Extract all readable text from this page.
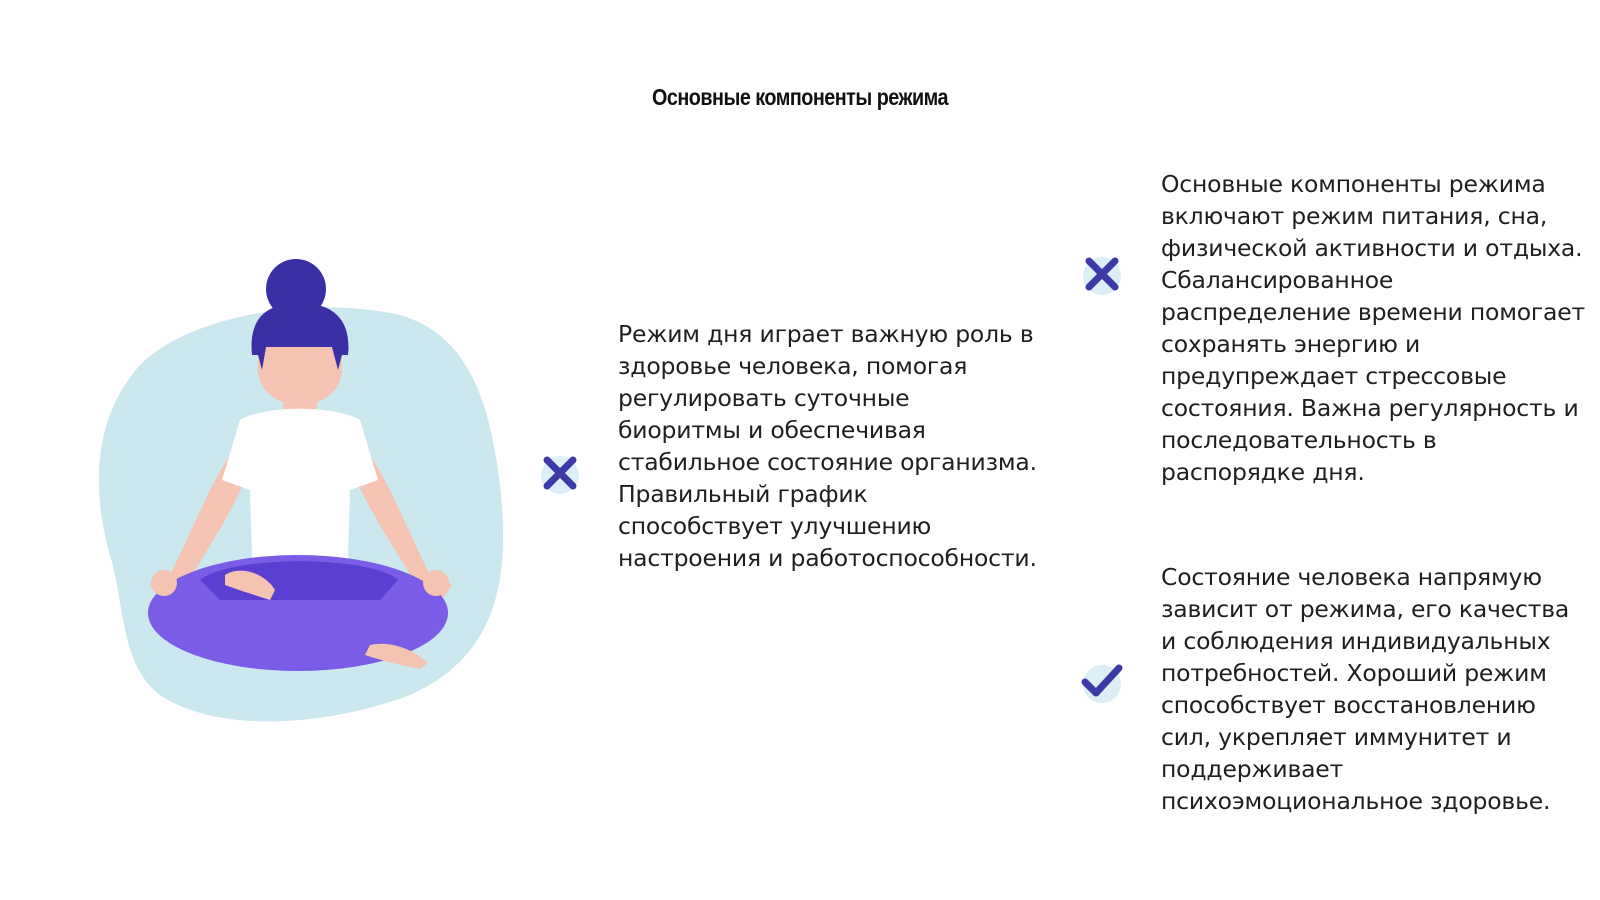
Основные компоненты режима
Режим дня играет важную роль в здоровье человека, помогая регулировать суточные биоритмы и обеспечивая стабильное состояние организма. Правильный график способствует улучшению настроения и работоспособности.
Основные компоненты режима включают режим питания, сна, физической активности и отдыха. Сбалансированное распределение времени помогает сохранять энергию и предупреждает стрессовые состояния. Важна регулярность и последовательность в распорядке дня.
Состояние человека напрямую зависит от режима, его качества и соблюдения индивидуальных потребностей. Хороший режим способствует восстановлению сил, укрепляет иммунитет и поддерживает психоэмоциональное здоровье.
